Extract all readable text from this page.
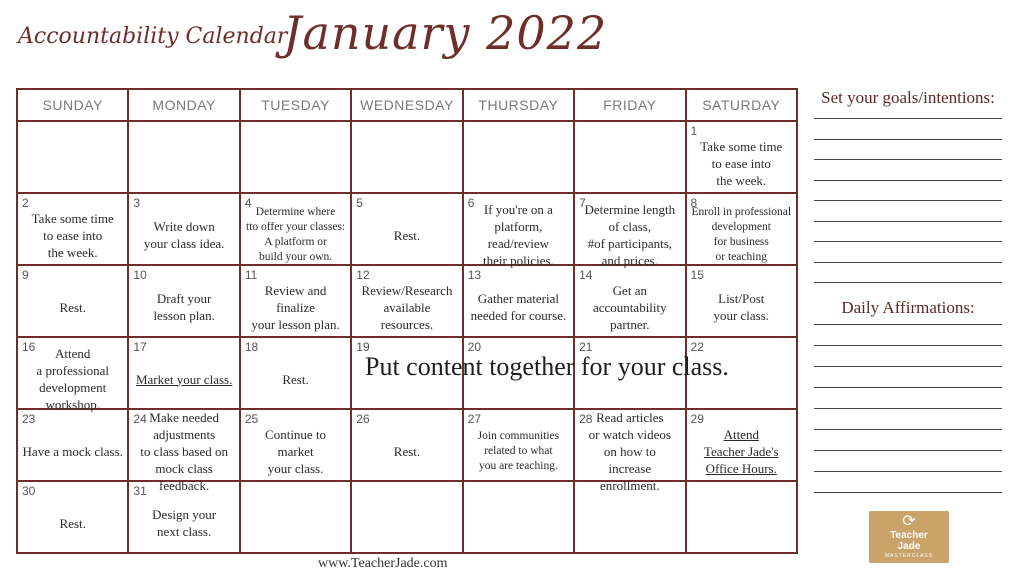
Accountability Calendar
January 2022
SUNDAY	MONDAY	TUESDAY	WEDNESDAY	THURSDAY	FRIDAY	SATURDAY

						1
Take some time
to ease into
the week.

2
Take some time
to ease into
the week.	3
Write down
your class idea.	4
Determine where
tto offer your classes:
A platform or
build your own.	5
Rest.	6 If you're on a
platform,
read/review
their policies.	7
Determine length
of class,
#of participants,
and prices.	8
Enroll in professional
development
for business
or teaching

9
Rest.	10
Draft your
lesson plan.	11
Review and finalize
your lesson plan.	12
Review/Research
available resources.	13
Gather material
needed for course.	14
Get an
accountability
partner.	15
List/Post
your class.

16 Attend
a professional
development
workshop.	17
Market your class.	18
Rest.	19	20	21	22

23
Have a mock class.	24 Make needed
adjustments
to class based on
mock class feedback.	25
Continue to
market
your class.	26
Rest.	27
Join communities
related to what
you are teaching.	28 Read articles
or watch videos
on how to
increase enrollment.	29
Attend
Teacher Jade's
Office Hours.

30
Rest.	31
Design your
next class.					

Put content together for your class.
Set your goals/intentions:
Daily Affirmations:
⟳
Teacher
Jade
MASTERCLASS
www.TeacherJade.com
